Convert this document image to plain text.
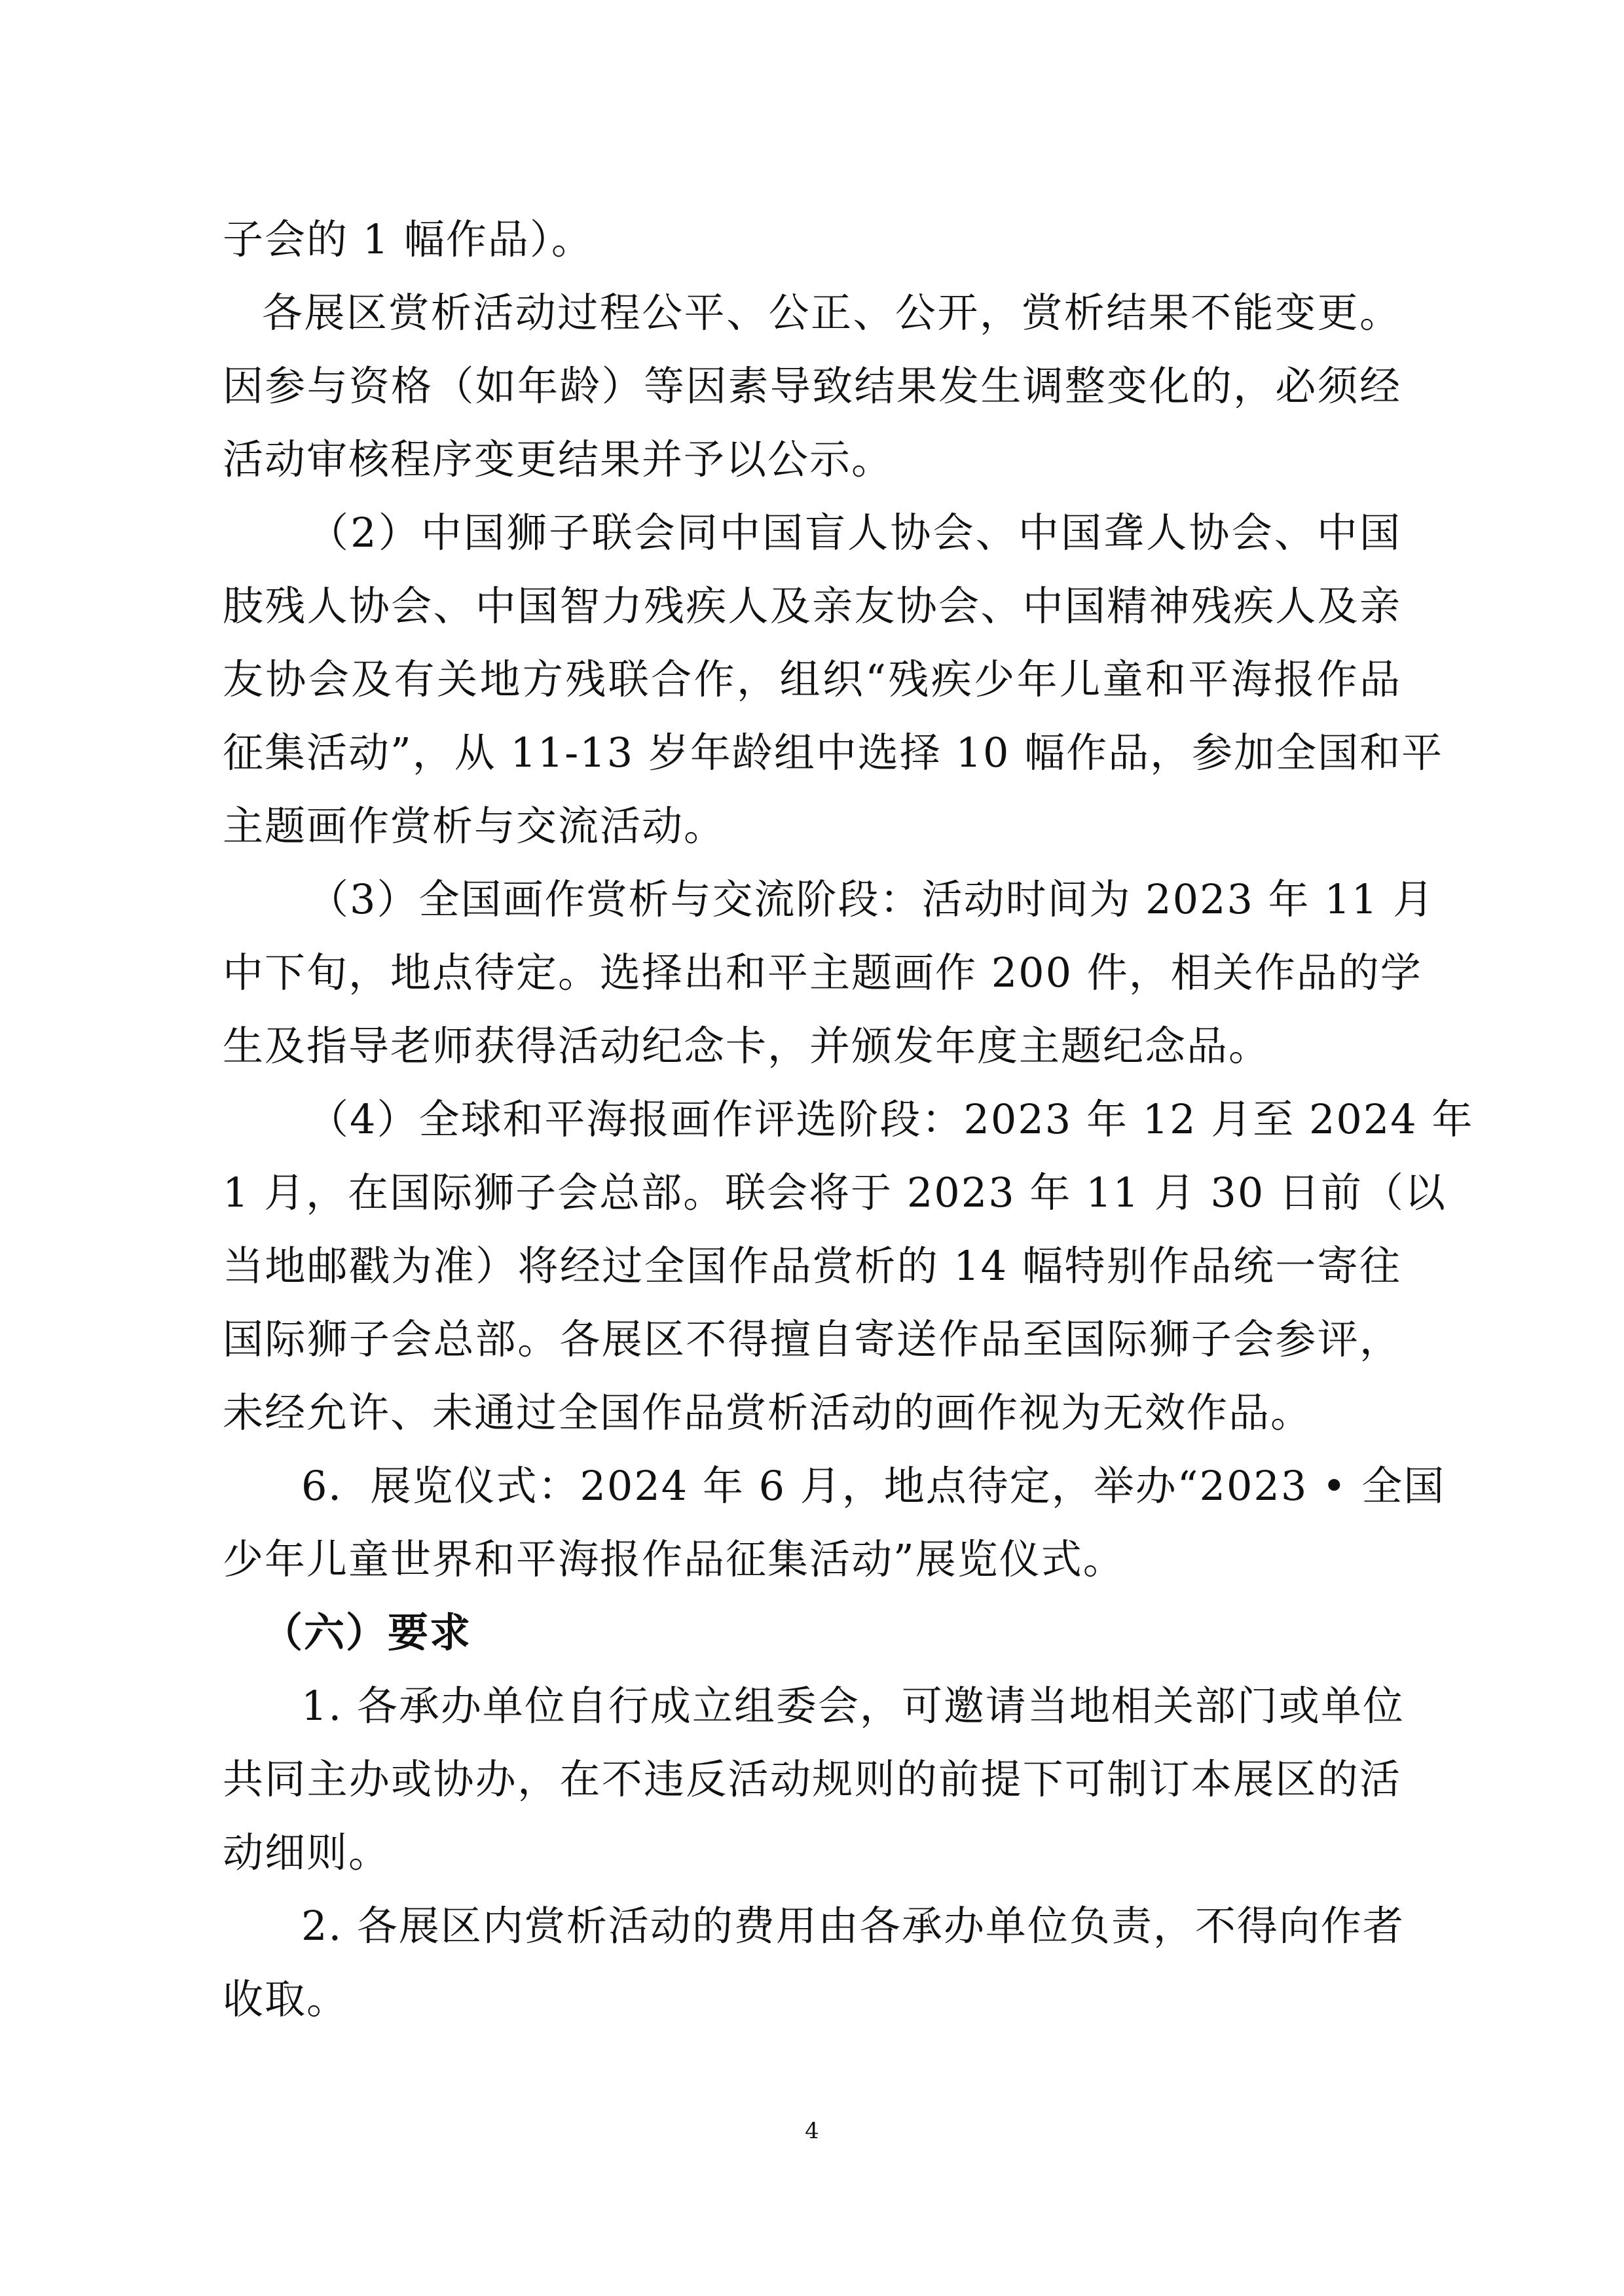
子会的 1 幅作品）。
各展区赏析活动过程公平、公正、公开，赏析结果不能变更。
因参与资格（如年龄）等因素导致结果发生调整变化的，必须经
活动审核程序变更结果并予以公示。
（2）中国狮子联会同中国盲人协会、中国聋人协会、中国
肢残人协会、中国智力残疾人及亲友协会、中国精神残疾人及亲
友协会及有关地方残联合作，组织“残疾少年儿童和平海报作品
征集活动”，从 11-13 岁年龄组中选择 10 幅作品，参加全国和平
主题画作赏析与交流活动。
（3）全国画作赏析与交流阶段：活动时间为 2023 年 11 月
中下旬，地点待定。选择出和平主题画作 200 件，相关作品的学
生及指导老师获得活动纪念卡，并颁发年度主题纪念品。
（4）全球和平海报画作评选阶段：2023 年 12 月至 2024 年
1 月，在国际狮子会总部。联会将于 2023 年 11 月 30 日前（以
当地邮戳为准）将经过全国作品赏析的 14 幅特别作品统一寄往
国际狮子会总部。各展区不得擅自寄送作品至国际狮子会参评，
未经允许、未通过全国作品赏析活动的画作视为无效作品。
6．展览仪式：2024 年 6 月，地点待定，举办“2023 • 全国
少年儿童世界和平海报作品征集活动”展览仪式。
（六）要求
1. 各承办单位自行成立组委会，可邀请当地相关部门或单位
共同主办或协办，在不违反活动规则的前提下可制订本展区的活
动细则。
2. 各展区内赏析活动的费用由各承办单位负责，不得向作者
收取。
4
